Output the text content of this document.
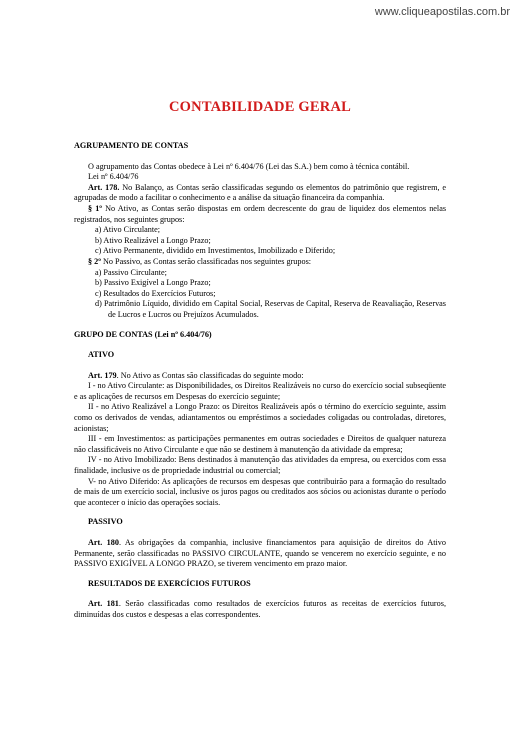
www.cliqueapostilas.com.br
CONTABILIDADE GERAL
AGRUPAMENTO DE CONTAS

O agrupamento das Contas obedece à Lei nº 6.404/76 (Lei das S.A.) bem como à técnica contábil.

Lei nº 6.404/76

Art. 178. No Balanço, as Contas serão classificadas segundo os elementos do patrimônio que registrem, e agrupadas de modo a facilitar o conhecimento e a análise da situação financeira da companhia.

§ 1º No Ativo, as Contas serão dispostas em ordem decrescente do grau de liquidez dos elementos nelas registrados, nos seguintes grupos:

a) Ativo Circulante;

b) Ativo Realizável a Longo Prazo;

c) Ativo Permanente, dividido em Investimentos, Imobilizado e Diferido;

§ 2º No Passivo, as Contas serão classificadas nos seguintes grupos:

a) Passivo Circulante;

b) Passivo Exigível a Longo Prazo;

c) Resultados do Exercícios Futuros;

d) Patrimônio Líquido, dividido em Capital Social, Reservas de Capital, Reserva de Reavaliação, Reservas de Lucros e Lucros ou Prejuízos Acumulados.

GRUPO DE CONTAS (Lei nº 6.404/76)
ATIVO

Art. 179. No Ativo as Contas são classificadas do seguinte modo:

I - no Ativo Circulante: as Disponibilidades, os Direitos Realizáveis no curso do exercício social subseqüente e as aplicações de recursos em Despesas do exercício seguinte;

II - no Ativo Realizável a Longo Prazo: os Direitos Realizáveis após o término do exercício seguinte, assim como os derivados de vendas, adiantamentos ou empréstimos a sociedades coligadas ou controladas, diretores, acionistas;

III - em Investimentos: as participações permanentes em outras sociedades e Direitos de qualquer natureza não classificáveis no Ativo Circulante e que não se destinem à manutenção da atividade da empresa;

IV - no Ativo Imobilizado: Bens destinados à manutenção das atividades da empresa, ou exercidos com essa finalidade, inclusive os de propriedade industrial ou comercial;

V- no Ativo Diferido: As aplicações de recursos em despesas que contribuirão para a formação do resultado de mais de um exercício social, inclusive os juros pagos ou creditados aos sócios ou acionistas durante o período que acontecer o início das operações sociais.

PASSIVO

Art. 180. As obrigações da companhia, inclusive financiamentos para aquisição de direitos do Ativo Permanente, serão classificadas no PASSIVO CIRCULANTE, quando se vencerem no exercício seguinte, e no PASSIVO EXIGÍVEL A LONGO PRAZO, se tiverem vencimento em prazo maior.

RESULTADOS DE EXERCÍCIOS FUTUROS

Art. 181. Serão classificadas como resultados de exercícios futuros as receitas de exercícios futuros, diminuídas dos custos e despesas a elas correspondentes.
